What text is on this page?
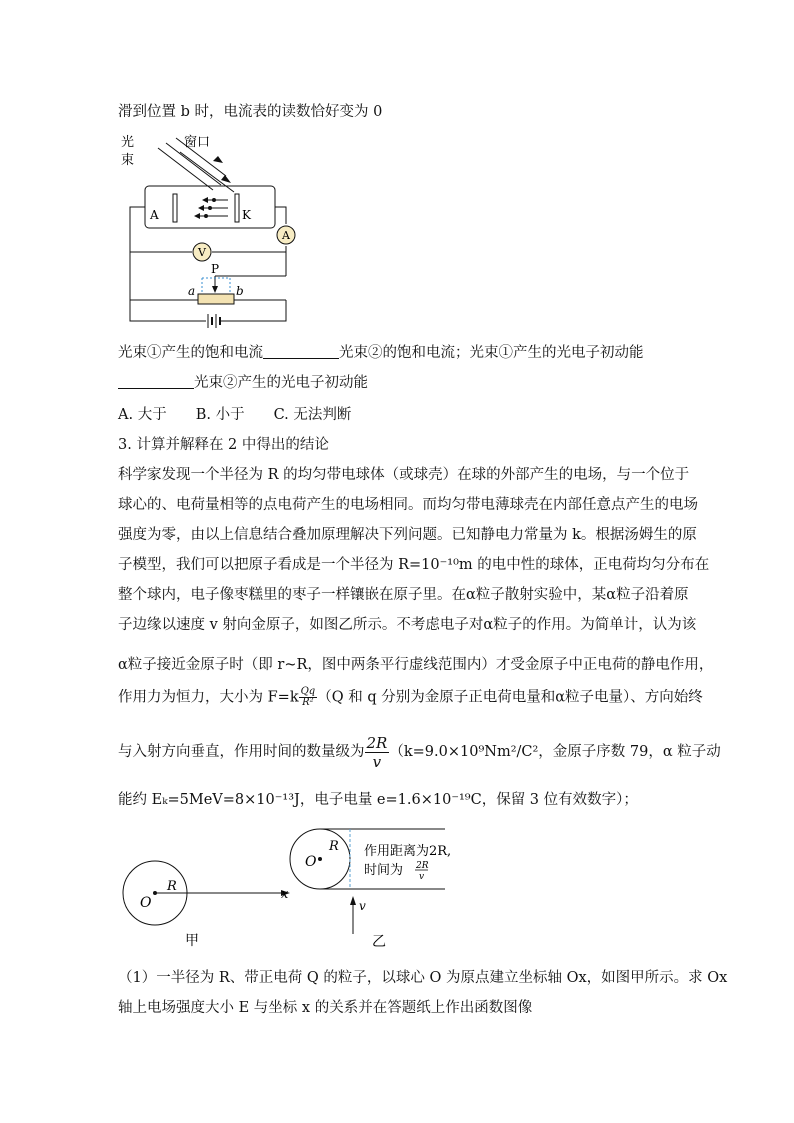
滑到位置 b 时，电流表的读数恰好变为 0
V
A
光
束
窗口
A	K
P
a	b
光束①产生的饱和电流	光束②的饱和电流；光束①产生的光电子初动能
光束②产生的光电子初动能
A. 大于　　B. 小于　　C. 无法判断
3. 计算并解释在 2 中得出的结论
科学家发现一个半径为 R 的均匀带电球体（或球壳）在球的外部产生的电场，与一个位于
球心的、电荷量相等的点电荷产生的电场相同。而均匀带电薄球壳在内部任意点产生的电场
强度为零，由以上信息结合叠加原理解决下列问题。已知静电力常量为 k。根据汤姆生的原
子模型，我们可以把原子看成是一个半径为 R=10⁻¹⁰m 的电中性的球体，正电荷均匀分布在
整个球内，电子像枣糕里的枣子一样镶嵌在原子里。在α粒子散射实验中，某α粒子沿着原
子边缘以速度 v 射向金原子，如图乙所示。不考虑电子对α粒子的作用。为简单计，认为该
α粒子接近金原子时（即 r~R，图中两条平行虚线范围内）才受金原子中正电荷的静电作用，
作用力为恒力，大小为 $F=k \frac{Qq}{\text{R²}} (Q$ 和 q 分别为金原子正电荷电量和α粒子电量）、方向始终
与入射方向垂直，作用时间的数量级为 $\frac{2R}{v} (k=9.0\times 10^9Nm^2/C^2$，金原子序数 79，α 粒子动
能约 Eₖ=5MeV=8×10⁻¹³J，电子电量 e=1.6×10⁻¹⁹C，保留 3 位有效数字）；
O
R
x
甲
O
R
v
作用距离为2R,
时间为 2R
v
乙
（1）一半径为 R、带正电荷 Q 的粒子，以球心 O 为原点建立坐标轴 Ox，如图甲所示。求 Ox
轴上电场强度大小 E 与坐标 x 的关系并在答题纸上作出函数图像
